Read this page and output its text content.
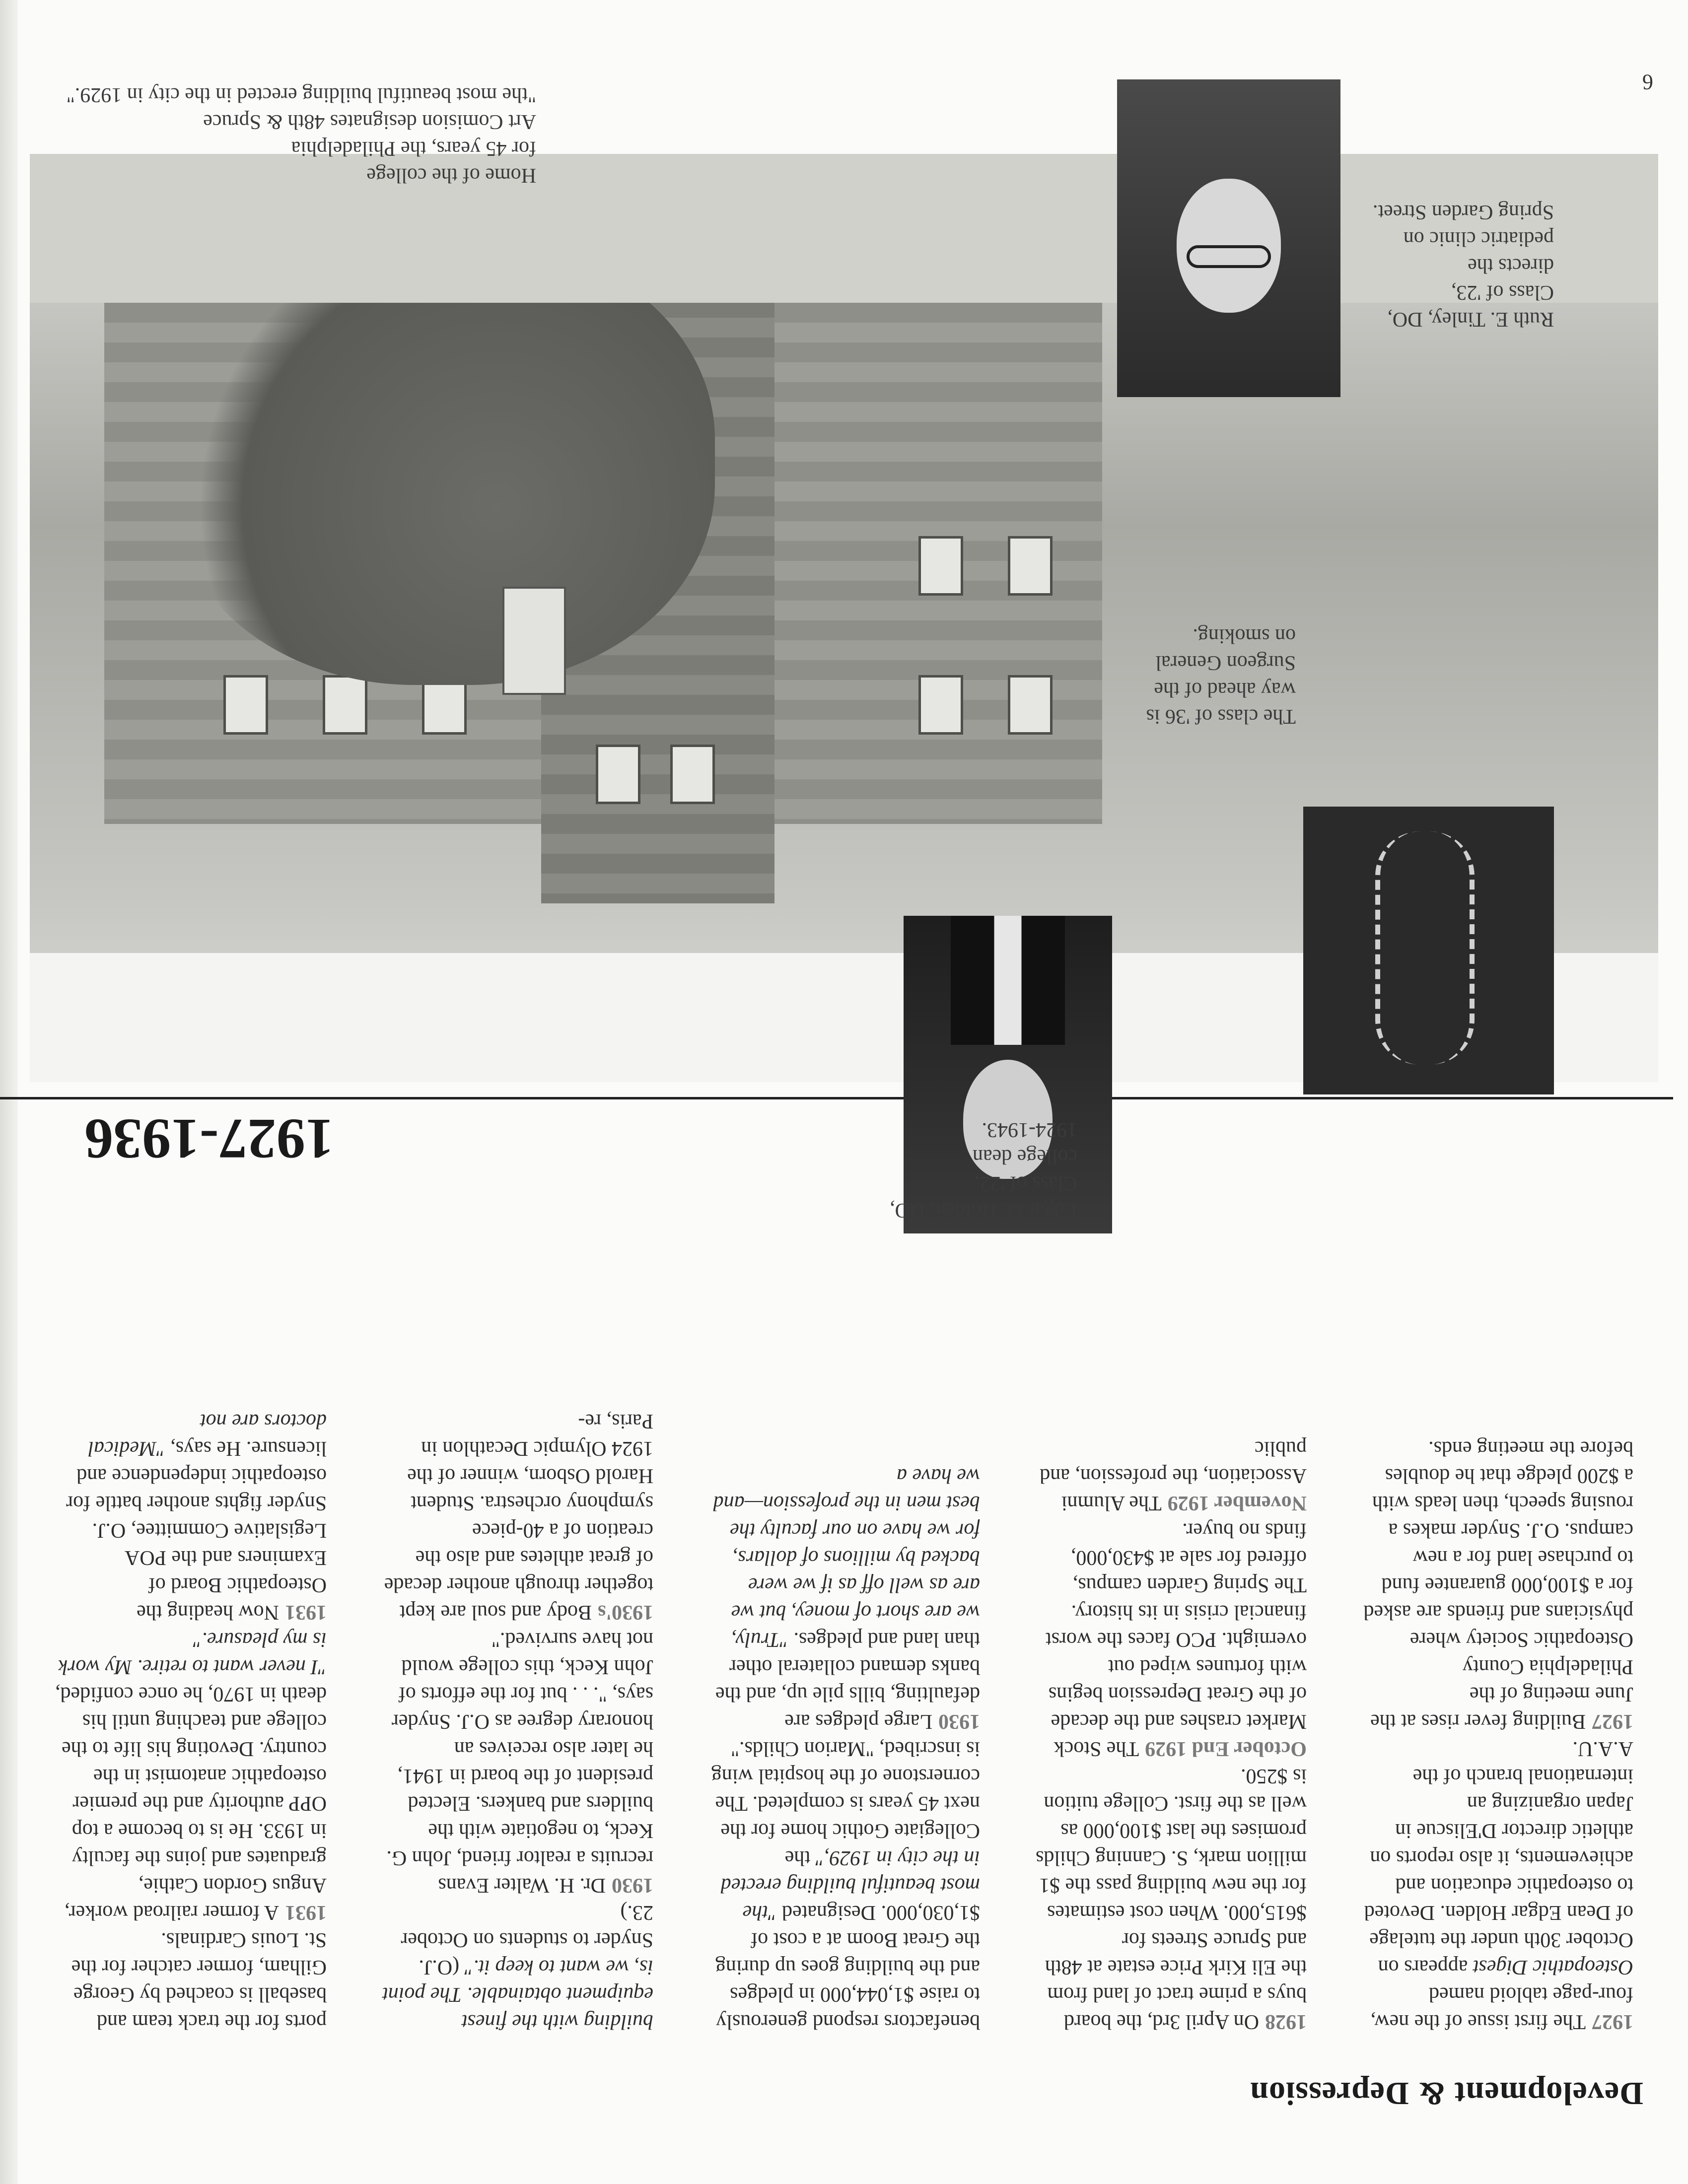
6
Development & Depression

1927The first issue of the new, four-page tabloid named Osteopathic Digest appears on October 30th under the tutelage of Dean Edgar Holden. Devoted to osteopathic education and achievements, it also reports on athletic director D'Eliscue in Japan organizing an international branch of the A.A.U.

1927Building fever rises at the June meeting of the Philadelphia County Osteopathic Society where physicians and friends are asked for a $100,000 guarantee fund to purchase land for a new campus. O.J. Snyder makes a rousing speech, then leads with a $200 pledge that he doubles before the meeting ends.

1928On April 3rd, the board buys a prime tract of land from the Eli Kirk Price estate at 48th and Spruce Streets for $615,000. When cost estimates for the new building pass the $1 million mark, S. Canning Childs promises the last $100,000 as well as the first. College tuition is $250.

October End 1929The Stock Market crashes and the decade of the Great Depression begins with fortunes wiped out overnight. PCO faces the worst financial crisis in its history. The Spring Garden campus, offered for sale at $430,000, finds no buyer.

November 1929The Alumni Association, the profession, and public

benefactors respond generously to raise $1,044,000 in pledges and the building goes up during the Great Boom at a cost of $1,030,000. Designated "the most beautiful building erected in the city in 1929," the Collegiate Gothic home for the next 45 years is completed. The cornerstone of the hospital wing is inscribed, "Marion Childs."

1930Large pledges are defaulting, bills pile up, and the banks demand collateral other than land and pledges. "Truly, we are short of money, but we are as well off as if we were backed by millions of dollars, for we have on our faculty the best men in the profession—and we have a

building with the finest equipment obtainable. The point is, we want to keep it." (O.J. Snyder to students on October 23.)

1930Dr. H. Walter Evans recruits a realtor friend, John G. Keck, to negotiate with the builders and bankers. Elected president of the board in 1941, he later also receives an honorary degree as O.J. Snyder says, ". . . but for the efforts of John Keck, this college would not have survived."

1930'sBody and soul are kept together through another decade of great athletes and also the creation of a 40-piece symphony orchestra. Student Harold Osborn, winner of the 1924 Olympic Decathlon in Paris, re-

ports for the track team and baseball is coached by George Gilham, former catcher for the St. Louis Cardinals.

1931A former railroad worker, Angus Gordon Cathie, graduates and joins the faculty in 1933. He is to become a top OPP authority and the premier osteopathic anatomist in the country. Devoting his life to the college and teaching until his death in 1970, he once confided, "I never want to retire. My work is my pleasure."

1931Now heading the Osteopathic Board of Examiners and the POA Legislative Committee, O.J. Snyder fights another battle for osteopathic independence and licensure. He says, "Medical doctors are not

1927-1936

Edgar O. Holden, DO,

Class of '22,

college dean

1924-1943.

The class of '36 is

way ahead of the

Surgeon General

on smoking.

Ruth E. Tinley, DO,

Class of '23,

directs the

pediatric clinic on

Spring Garden Street.

Home of the college

for 45 years, the Philadelphia

Art Comision designates 48th & Spruce

"the most beautiful building erected in the city in 1929."
